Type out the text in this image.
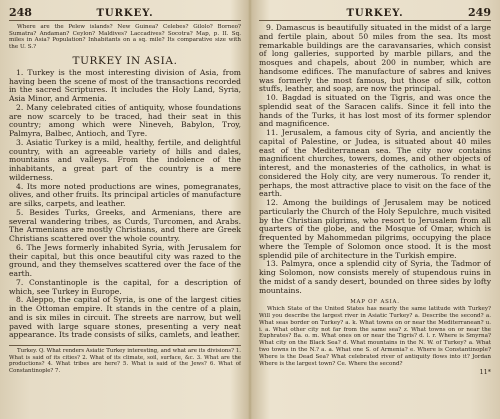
248	TURKEY.

Where are the Pelew islands? New Guinea? Celebes? Gilolo? Borneo? Sumatra? Andaman? Ceylon? Maldives? Laccadives? Socotra? Map, p. II. Sq. miles in Asia? Population? Inhabitants on a sq. mile? Its comparative size with the U. S.?

TURKEY IN ASIA.

1. Turkey is the most interesting division of Asia, from having been the scene of most of the transactions recorded in the sacred Scriptures. It includes the Holy Land, Syria, Asia Minor, and Armenia.

2. Many celebrated cities of antiquity, whose foundations are now scarcely to be traced, had their seat in this country; among which were Nineveh, Babylon, Troy, Palmyra, Balbec, Antioch, and Tyre.

3. Asiatic Turkey is a mild, healthy, fertile, and delightful country, with an agreeable variety of hills and dales, mountains and valleys. From the indolence of the inhabitants, a great part of the country is a mere wilderness.

4. Its more noted productions are wines, pomegranates, olives, and other fruits. Its principal articles of manufacture are silks, carpets, and leather.

5. Besides Turks, Greeks, and Armenians, there are several wandering tribes, as Curds, Turcomen, and Arabs. The Armenians are mostly Christians, and there are Greek Christians scattered over the whole country.

6. The Jews formerly inhabited Syria, with Jerusalem for their capital, but this once beautiful city was razed to the ground, and they themselves scattered over the face of the earth.

7. Constantinople is the capital, for a description of which, see Turkey in Europe.

8. Aleppo, the capital of Syria, is one of the largest cities in the Ottoman empire. It stands in the centre of a plain, and is six miles in circuit. The streets are narrow, but well paved with large square stones, presenting a very neat appearance. Its trade consists of silks, camlets, and leather.

Turkey. Q. What renders Asiatic Turkey interesting, and what are its divisions? 1. What is said of its cities? 2. What of its climate, soil, surface, &c. 3. What are the productions? 4. What tribes are here? 5. What is said of the Jews? 6. What of Constantinople? 7.

TURKEY.	249

9. Damascus is beautifully situated in the midst of a large and fertile plain, about 50 miles from the sea. Its most remarkable buildings are the caravansaries, which consist of long galleries, supported by marble pillars, and the mosques and chapels, about 200 in number, which are handsome edifices. The manufacture of sabres and knives was formerly the most famous, but those of silk, cotton stuffs, leather, and soap, are now the principal.

10. Bagdad is situated on the Tigris, and was once the splendid seat of the Saracen califs. Since it fell into the hands of the Turks, it has lost most of its former splendor and magnificence.

11. Jerusalem, a famous city of Syria, and anciently the capital of Palestine, or Judea, is situated about 40 miles east of the Mediterranean sea. The city now contains magnificent churches, towers, domes, and other objects of interest, and the monasteries of the catholics, in what is considered the Holy city, are very numerous. To render it, perhaps, the most attractive place to visit on the face of the earth.

12. Among the buildings of Jerusalem may be noticed particularly the Church of the Holy Sepulchre, much visited by the Christian pilgrims, who resort to Jerusalem from all quarters of the globe, and the Mosque of Omar, which is frequented by Mahommedan pilgrims, occupying the place where the Temple of Solomon once stood. It is the most splendid pile of architecture in the Turkish empire.

13. Palmyra, once a splendid city of Syria, the Tadmor of king Solomon, now consists merely of stupendous ruins in the midst of a sandy desert, bounded on three sides by lofty mountains.

MAP OF ASIA.

Which State of the United States has nearly the same latitude with Turkey? Will you describe the largest river in Asiatic Turkey? a. Describe the second? a. What seas border on Turkey? a. k. What towns on or near the Mediterranean? u. i. a. What other city not far from the same sea? z. What towns on or near the Euphrates? Ba. o. m. What ones on or near the Tigris? d. l. r. Where is Smyrna? What city on the Black Sea? d. What mountains in the N. W. of Turkey? a. What two towns in the N.? a. a. What one S. of Armenia? e. Where is Constantinople? Where is the Dead Sea? What celebrated river of antiquity flows into it? Jordan Where is the largest town? Ce. Where the second?

11*
